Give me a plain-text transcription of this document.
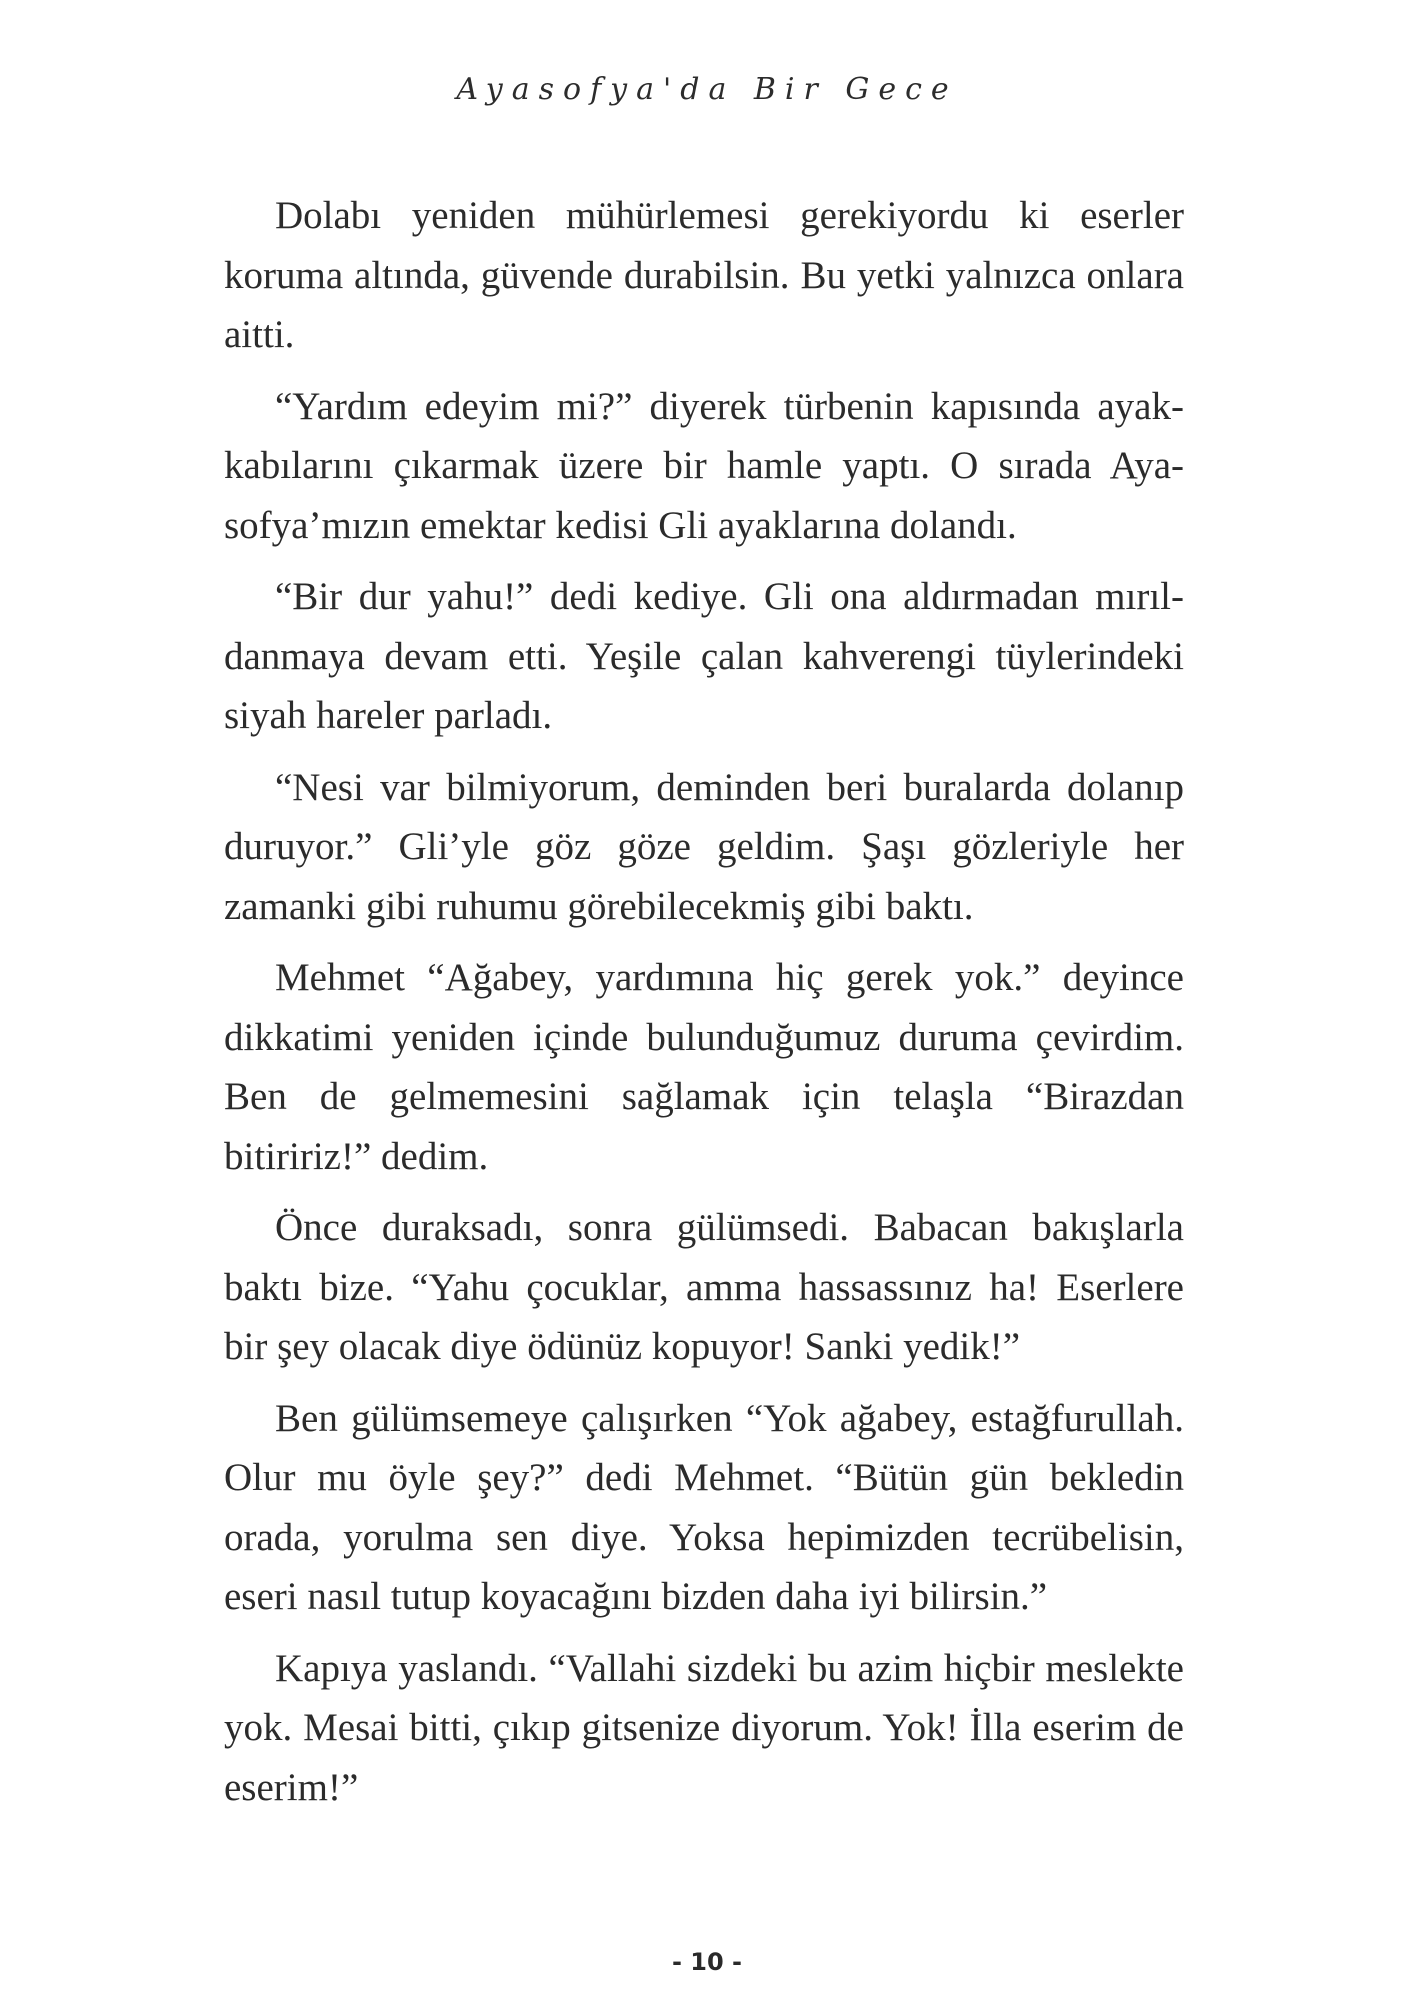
Ayasofya'da Bir Gece

Dolabı yeniden mühürlemesi gerekiyordu ki eserler koruma altında, güvende durabilsin. Bu yetki yalnızca onlara aitti.

“Yardım edeyim mi?” diyerek türbenin kapısında ayakkabılarını çıkarmak üzere bir hamle yaptı. O sırada Ayasofya’mızın emektar kedisi Gli ayaklarına dolandı.

“Bir dur yahu!” dedi kediye. Gli ona aldırmadan mırıldanmaya devam etti. Yeşile çalan kahverengi tüylerindeki siyah hareler parladı.

“Nesi var bilmiyorum, deminden beri buralarda dolanıp duruyor.” Gli’yle göz göze geldim. Şaşı gözleriyle her zamanki gibi ruhumu görebilecekmiş gibi baktı.

Mehmet “Ağabey, yardımına hiç gerek yok.” deyince dikkatimi yeniden içinde bulunduğumuz duruma çevirdim. Ben de gelmemesini sağlamak için telaşla “Birazdan bitiririz!” dedim.

Önce duraksadı, sonra gülümsedi. Babacan bakışlarla baktı bize. “Yahu çocuklar, amma hassassınız ha! Eserlere bir şey olacak diye ödünüz kopuyor! Sanki yedik!”

Ben gülümsemeye çalışırken “Yok ağabey, estağfurullah. Olur mu öyle şey?” dedi Mehmet. “Bütün gün bekledin orada, yorulma sen diye. Yoksa hepimizden tecrübelisin, eseri nasıl tutup koyacağını bizden daha iyi bilirsin.”

Kapıya yaslandı. “Vallahi sizdeki bu azim hiçbir meslekte yok. Mesai bitti, çıkıp gitsenize diyorum. Yok! İlla eserim de eserim!”

- 10 -
